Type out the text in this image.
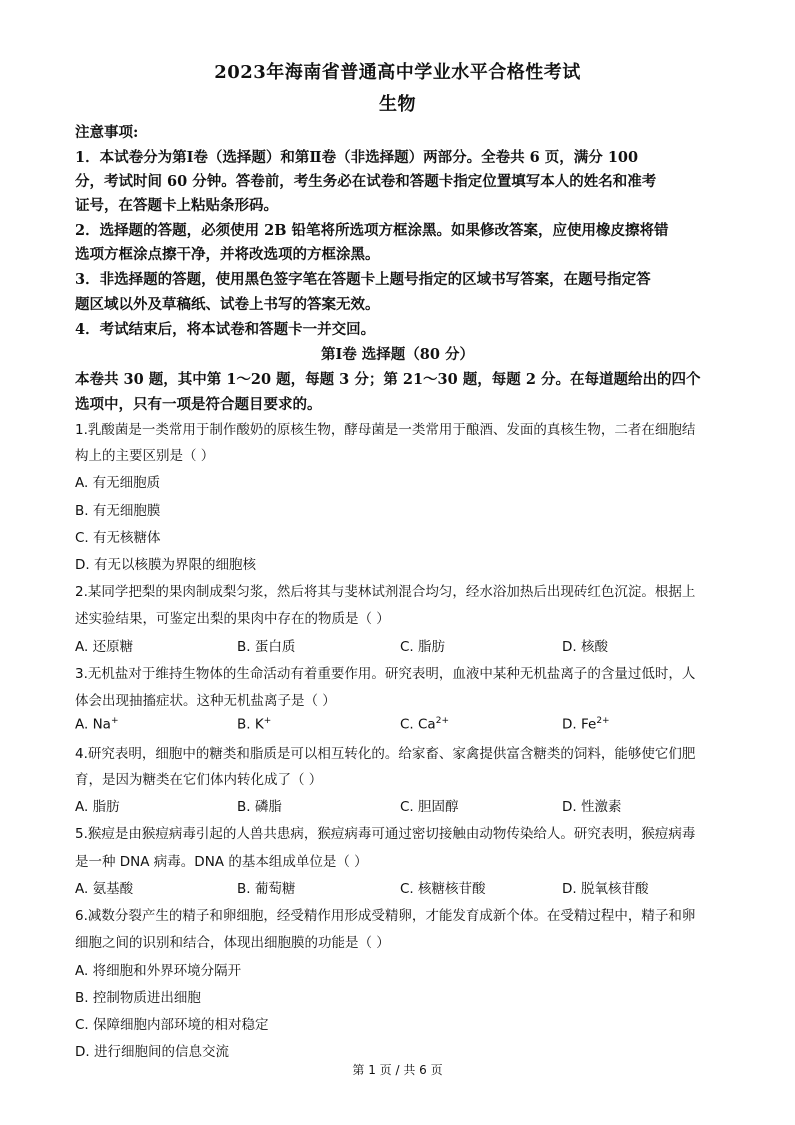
2023年海南省普通高中学业水平合格性考试
生物
注意事项:
1．本试卷分为第Ⅰ卷（选择题）和第Ⅱ卷（非选择题）两部分。全卷共 6 页，满分 100
分，考试时间 60 分钟。答卷前，考生务必在试卷和答题卡指定位置填写本人的姓名和准考
证号，在答题卡上粘贴条形码。
2．选择题的答题，必须使用 2B 铅笔将所选项方框涂黑。如果修改答案，应使用橡皮擦将错
选项方框涂点擦干净，并将改选项的方框涂黑。
3．非选择题的答题，使用黑色签字笔在答题卡上题号指定的区域书写答案，在题号指定答
题区域以外及草稿纸、试卷上书写的答案无效。
4．考试结束后，将本试卷和答题卡一并交回。
第Ⅰ卷 选择题（80 分）
本卷共 30 题，其中第 1～20 题，每题 3 分；第 21～30 题，每题 2 分。在每道题给出的四个
选项中，只有一项是符合题目要求的。
1.乳酸菌是一类常用于制作酸奶的原核生物，酵母菌是一类常用于酿酒、发面的真核生物，二者在细胞结
构上的主要区别是（ ）
A. 有无细胞质
B. 有无细胞膜
C. 有无核糖体
D. 有无以核膜为界限的细胞核
2.某同学把梨的果肉制成梨匀浆，然后将其与斐林试剂混合均匀，经水浴加热后出现砖红色沉淀。根据上
述实验结果，可鉴定出梨的果肉中存在的物质是（ ）
A. 还原糖	B. 蛋白质	C. 脂肪	D. 核酸
3.无机盐对于维持生物体的生命活动有着重要作用。研究表明，血液中某种无机盐离子的含量过低时，人
体会出现抽搐症状。这种无机盐离子是（ ）
A. Na+	B. K+	C. $Ca^{2+}$	D. $Fe^{2+}$
4.研究表明，细胞中的糖类和脂质是可以相互转化的。给家畜、家禽提供富含糖类的饲料，能够使它们肥
育，是因为糖类在它们体内转化成了（ ）
A. 脂肪	B. 磷脂	C. 胆固醇	D. 性激素
5.猴痘是由猴痘病毒引起的人兽共患病，猴痘病毒可通过密切接触由动物传染给人。研究表明，猴痘病毒
是一种 DNA 病毒。DNA 的基本组成单位是（ ）
A. 氨基酸	B. 葡萄糖	C. 核糖核苷酸	D. 脱氧核苷酸
6.减数分裂产生的精子和卵细胞，经受精作用形成受精卵，才能发育成新个体。在受精过程中，精子和卵
细胞之间的识别和结合，体现出细胞膜的功能是（ ）
A. 将细胞和外界环境分隔开
B. 控制物质进出细胞
C. 保障细胞内部环境的相对稳定
D. 进行细胞间的信息交流
第 1 页 / 共 6 页
